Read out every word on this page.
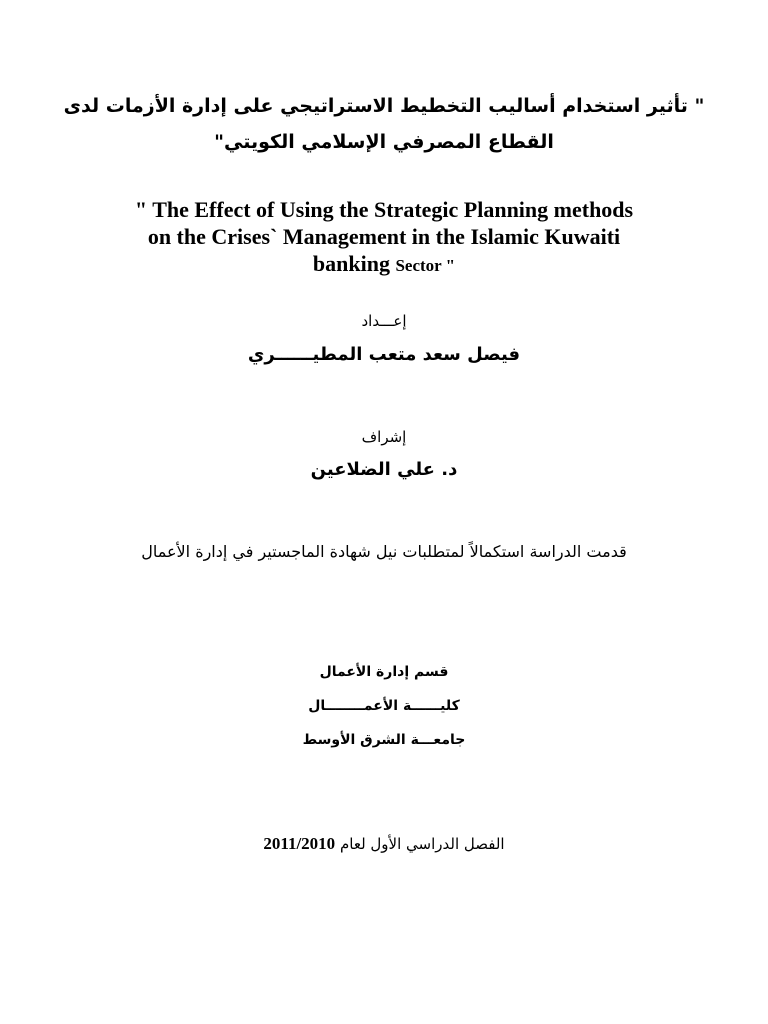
" تأثير استخدام أساليب التخطيط الاستراتيجي على إدارة الأزمات لدى

القطاع المصرفي الإسلامي الكويتي"

" The Effect of Using the Strategic Planning methods
on the Crises` Management in the Islamic Kuwaiti
banking Sector "

إعـــداد

فيصل سعد متعب المطيــــــري

إشراف

د. علي الضلاعين

قدمت الدراسة استكمالاً لمتطلبات نيل شهادة الماجستير في إدارة الأعمال

قسم إدارة الأعمال

كليــــــة الأعمــــــــال

جامعـــة الشرق الأوسط

الفصل الدراسي الأول لعام 2011/2010
